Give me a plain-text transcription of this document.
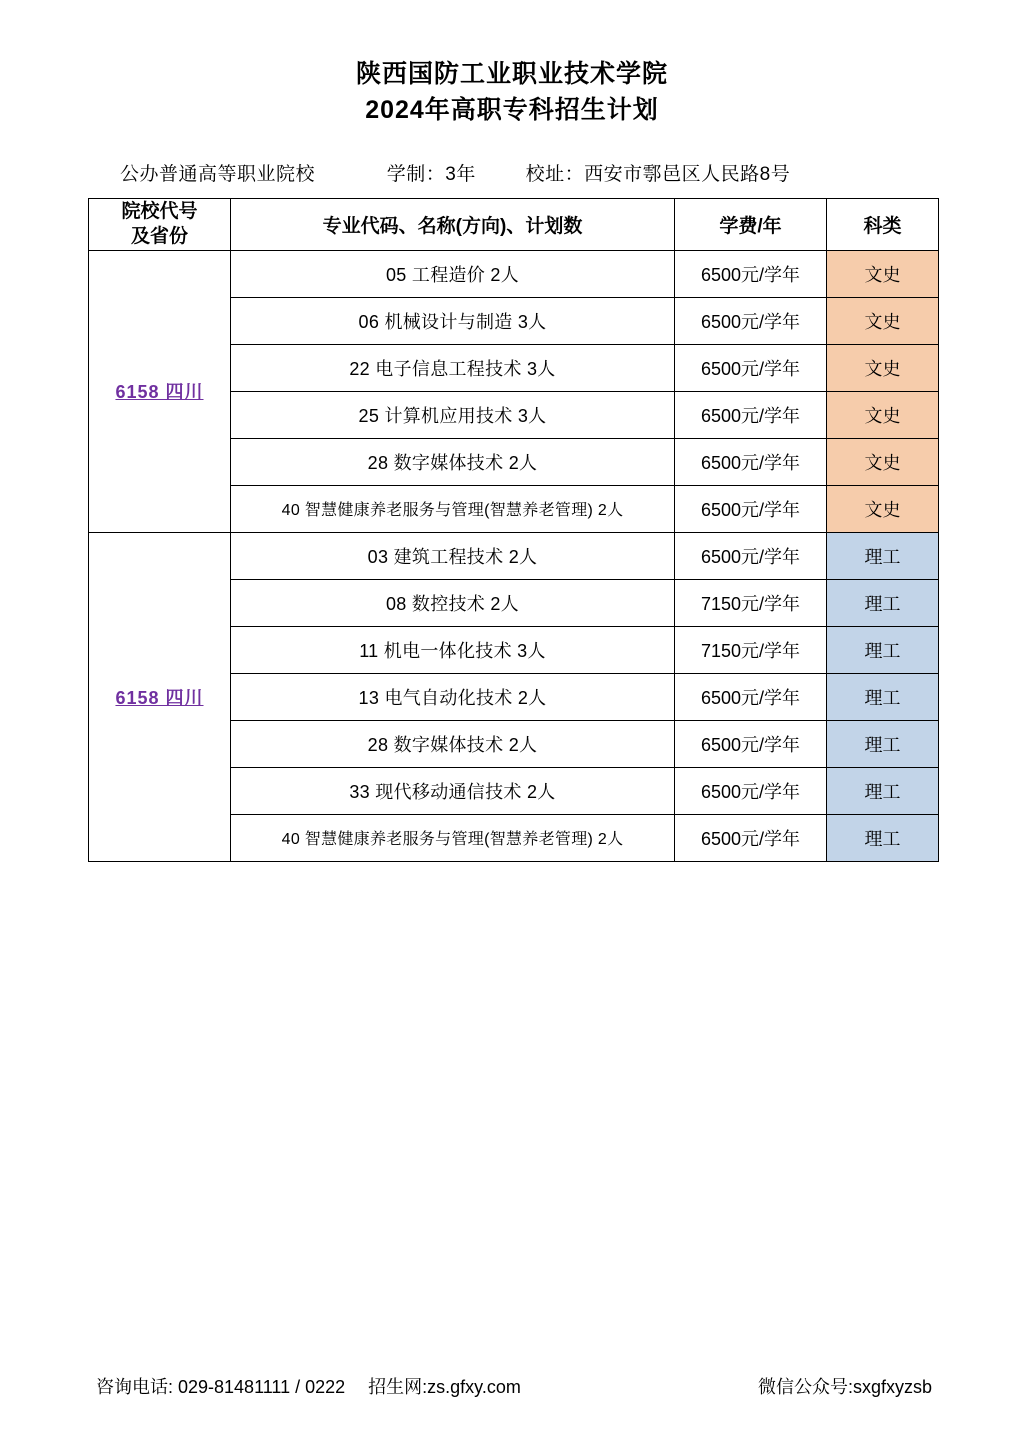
陕西国防工业职业技术学院
2024年高职专科招生计划
公办普通高等职业院校	学制：3年	校址：西安市鄠邑区人民路8号
院校代号
及省份	专业代码、名称(方向)、计划数	学费/年	科类
6158 四川	05 工程造价 2人	6500元/学年	文史
	06 机械设计与制造 3人	6500元/学年	文史
	22 电子信息工程技术 3人	6500元/学年	文史
	25 计算机应用技术 3人	6500元/学年	文史
	28 数字媒体技术 2人	6500元/学年	文史
	40 智慧健康养老服务与管理(智慧养老管理) 2人	6500元/学年	文史
6158 四川	03 建筑工程技术 2人	6500元/学年	理工
	08 数控技术 2人	7150元/学年	理工
	11 机电一体化技术 3人	7150元/学年	理工
	13 电气自动化技术 2人	6500元/学年	理工
	28 数字媒体技术 2人	6500元/学年	理工
	33 现代移动通信技术 2人	6500元/学年	理工
	40 智慧健康养老服务与管理(智慧养老管理) 2人	6500元/学年	理工
咨询电话: 029-81481111 / 0222 招生网:zs.gfxy.com	微信公众号:sxgfxyzsb
